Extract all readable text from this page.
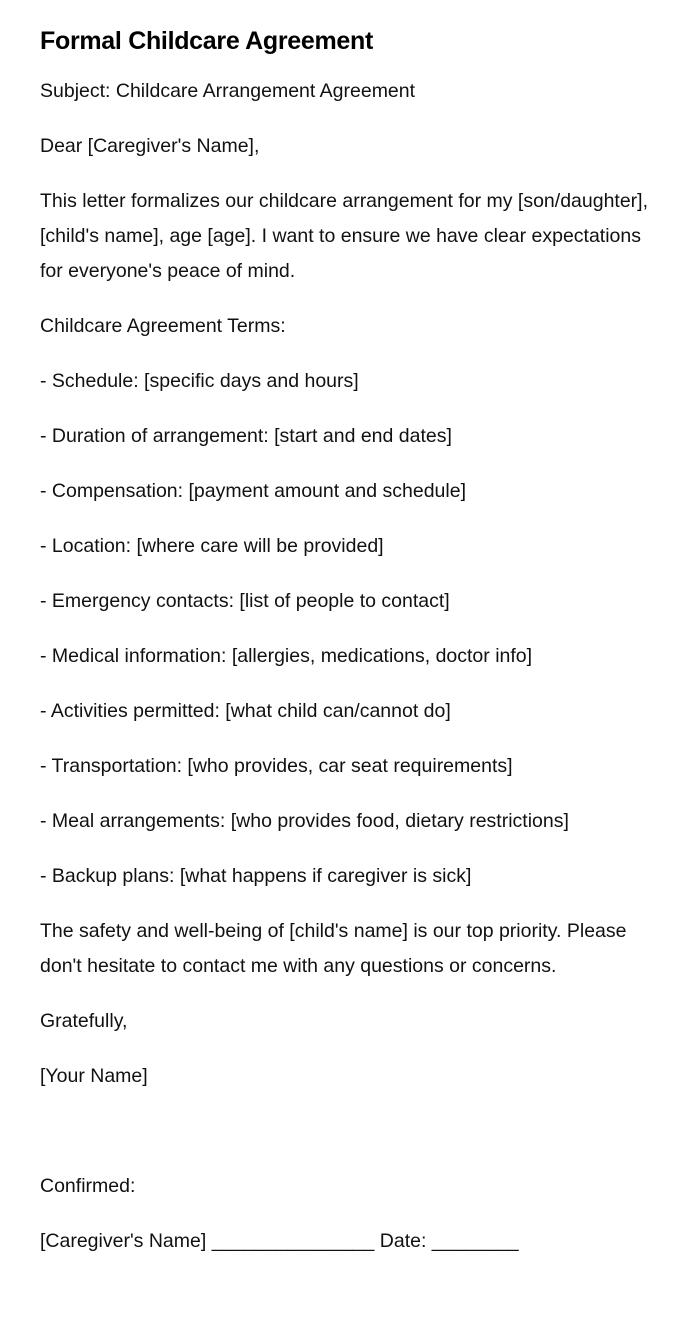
Formal Childcare Agreement

Subject: Childcare Arrangement Agreement

Dear [Caregiver's Name],

This letter formalizes our childcare arrangement for my [son/daughter], [child's name], age [age]. I want to ensure we have clear expectations for everyone's peace of mind.

Childcare Agreement Terms:

- Schedule: [specific days and hours]
- Duration of arrangement: [start and end dates]
- Compensation: [payment amount and schedule]
- Location: [where care will be provided]
- Emergency contacts: [list of people to contact]
- Medical information: [allergies, medications, doctor info]
- Activities permitted: [what child can/cannot do]
- Transportation: [who provides, car seat requirements]
- Meal arrangements: [who provides food, dietary restrictions]
- Backup plans: [what happens if caregiver is sick]

The safety and well-being of [child's name] is our top priority. Please don't hesitate to contact me with any questions or concerns.

Gratefully,

[Your Name]

Confirmed:

[Caregiver's Name] _______________ Date: ________
